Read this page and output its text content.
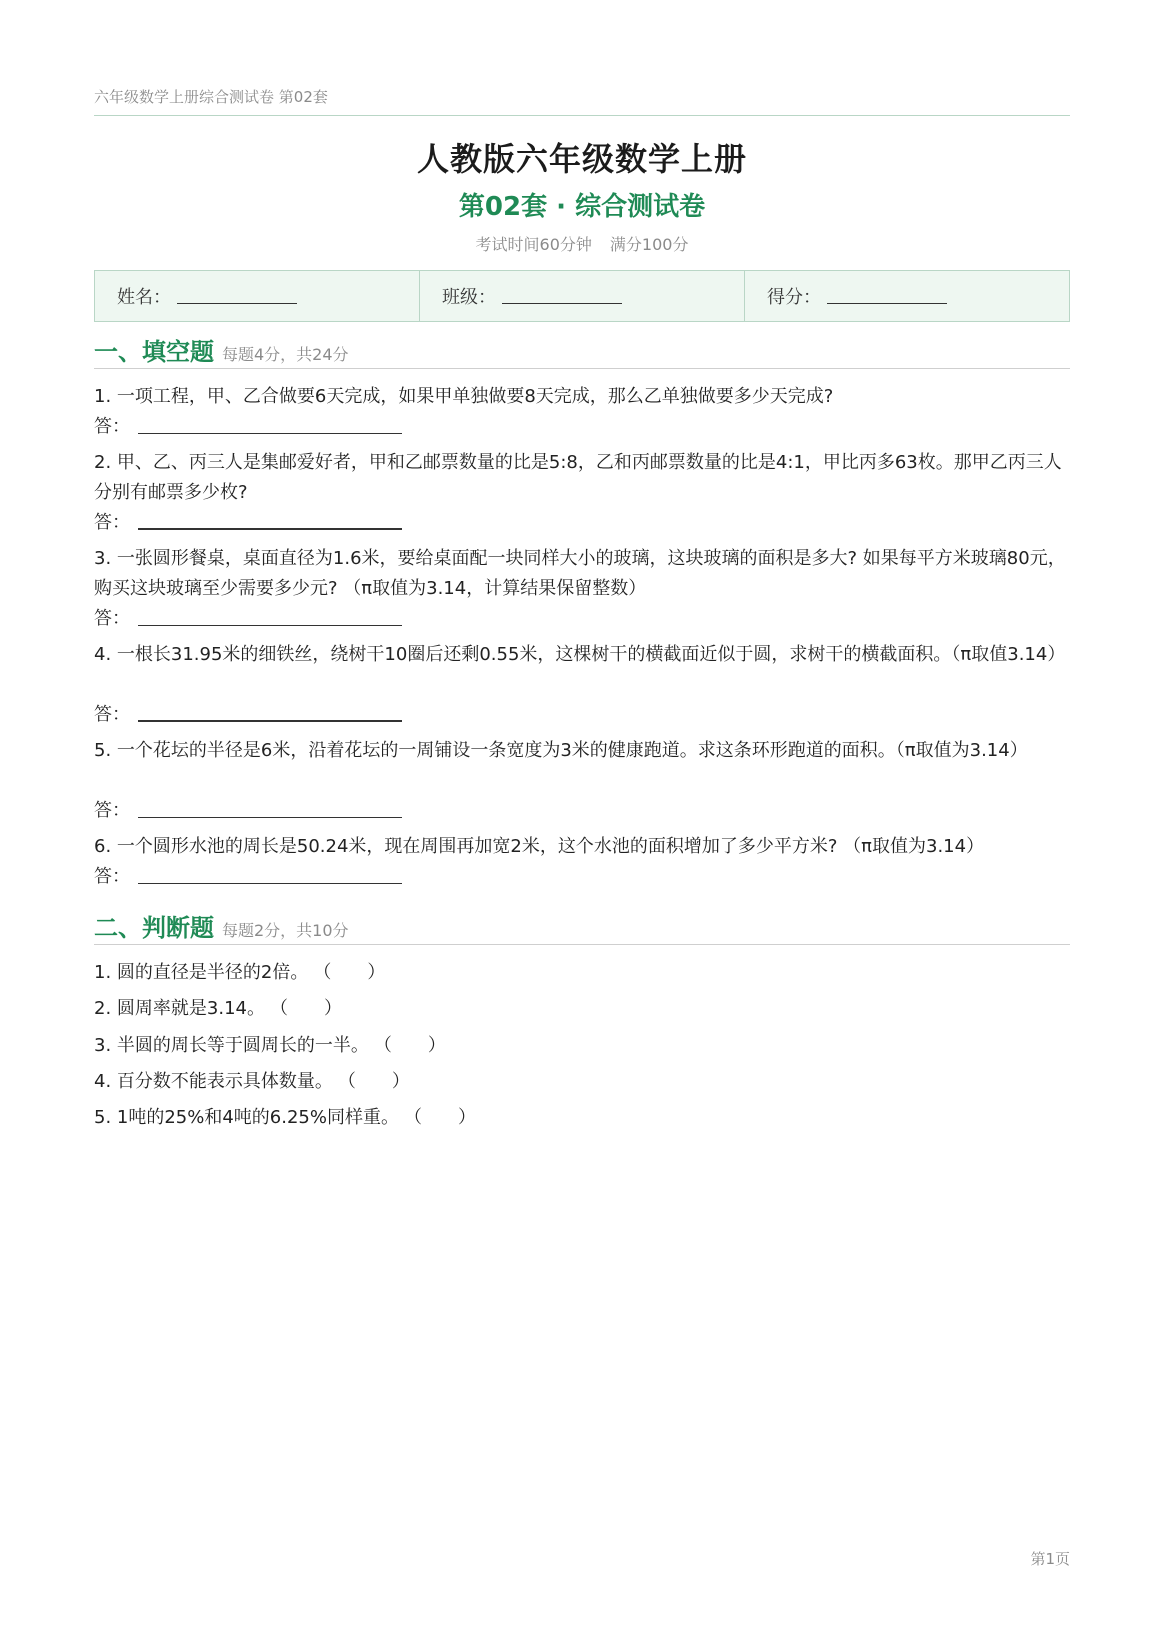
六年级数学上册综合测试卷 第02套
人教版六年级数学上册
第02套 · 综合测试卷
考试时间60分钟 满分100分
姓名：	班级：	得分：
一、填空题 每题4分，共24分
1. 一项工程，甲、乙合做要6天完成，如果甲单独做要8天完成，那么乙单独做要多少天完成?
答：
2. 甲、乙、丙三人是集邮爱好者，甲和乙邮票数量的比是5:8，乙和丙邮票数量的比是4:1，甲比丙多63枚。那甲乙丙三人分别有邮票多少枚?
答：
3. 一张圆形餐桌，桌面直径为1.6米，要给桌面配一块同样大小的玻璃，这块玻璃的面积是多大? 如果每平方米玻璃80元，购买这块玻璃至少需要多少元? （π取值为3.14，计算结果保留整数）
答：
4. 一根长31.95米的细铁丝，绕树干10圈后还剩0.55米，这棵树干的横截面近似于圆，求树干的横截面积。（π取值3.14）
答：
5. 一个花坛的半径是6米，沿着花坛的一周铺设一条宽度为3米的健康跑道。求这条环形跑道的面积。（π取值为3.14）
答：
6. 一个圆形水池的周长是50.24米，现在周围再加宽2米，这个水池的面积增加了多少平方米? （π取值为3.14）
答：
二、判断题 每题2分，共10分
1. 圆的直径是半径的2倍。 （　　）
2. 圆周率就是3.14。 （　　）
3. 半圆的周长等于圆周长的一半。 （　　）
4. 百分数不能表示具体数量。 （　　）
5. 1吨的25%和4吨的6.25%同样重。 （　　）
第1页
